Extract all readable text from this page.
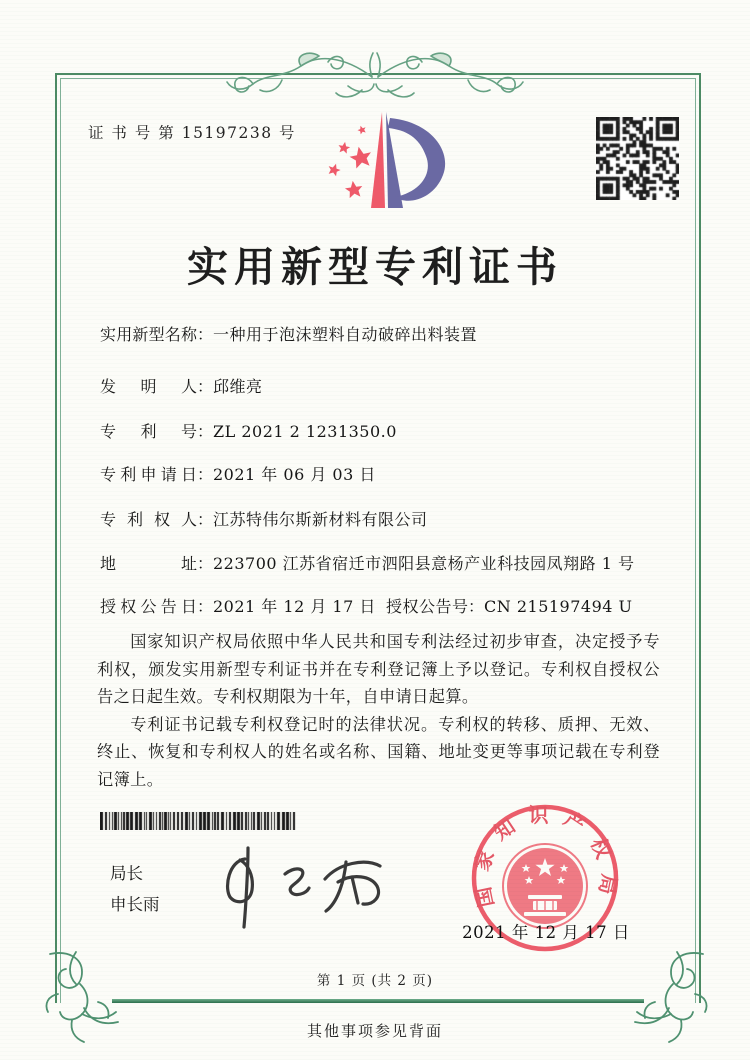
证 书 号 第 15197238 号
实用新型专利证书
实用新型名称：一种用于泡沫塑料自动破碎出料装置
发明人：邱维亮
专利号：ZL 2021 2 1231350.0
专利申请日：2021 年 06 月 03 日
专利权人：江苏特伟尔斯新材料有限公司
地址：223700 江苏省宿迁市泗阳县意杨产业科技园凤翔路 1 号
授权公告日：2021 年 12 月 17 日 授权公告号：CN 215197494 U

国家知识产权局依照中华人民共和国专利法经过初步审查，决定授予专利权，颁发实用新型专利证书并在专利登记簿上予以登记。专利权自授权公告之日起生效。专利权期限为十年，自申请日起算。

专利证书记载专利权登记时的法律状况。专利权的转移、质押、无效、终止、恢复和专利权人的姓名或名称、国籍、地址变更等事项记载在专利登记簿上。

局长
申长雨	国家知识产权局
2021 年 12 月 17 日
第 1 页 (共 2 页)
其他事项参见背面
